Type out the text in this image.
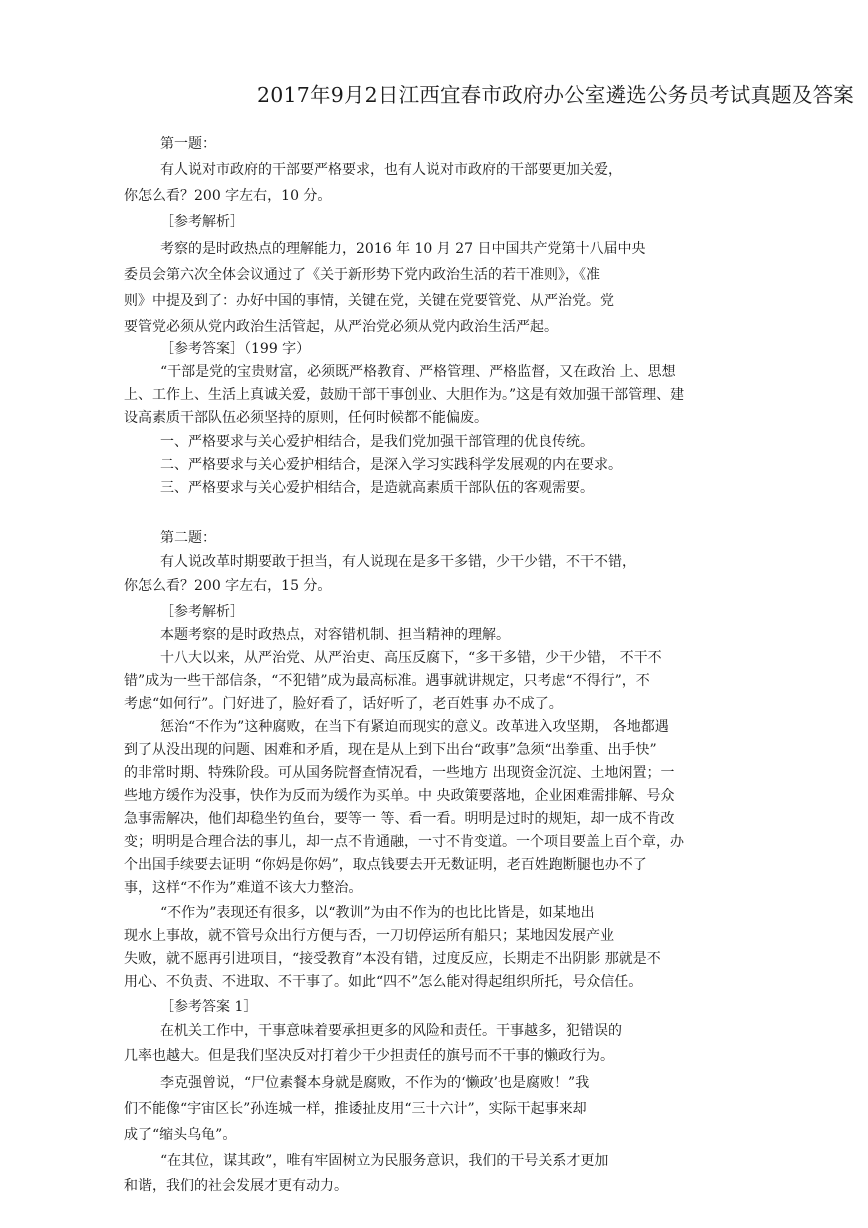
2017年9月2日江西宜春市政府办公室遴选公务员考试真题及答案
第一题：
有人说对市政府的干部要严格要求，也有人说对市政府的干部要更加关爱，
你怎么看？200 字左右，10 分。
［参考解析］
考察的是时政热点的理解能力，2016 年 10 月 27 日中国共产党第十八届中央
委员会第六次全体会议通过了《关于新形势下党内政治生活的若干准则》，《准
则》中提及到了：办好中国的事情，关键在党，关键在党要管党、从严治党。党
要管党必须从党内政治生活管起，从严治党必须从党内政治生活严起。
［参考答案］（199 字）
“干部是党的宝贵财富，必须既严格教育、严格管理、严格监督，又在政治 上、思想
上、工作上、生活上真诚关爱，鼓励干部干事创业、大胆作为。”这是有效加强干部管理、建
设高素质干部队伍必须坚持的原则，任何时候都不能偏废。
一、严格要求与关心爱护相结合，是我们党加强干部管理的优良传统。
二、严格要求与关心爱护相结合，是深入学习实践科学发展观的内在要求。
三、严格要求与关心爱护相结合，是造就高素质干部队伍的客观需要。
第二题：
有人说改革时期要敢于担当，有人说现在是多干多错，少干少错，不干不错，
你怎么看？200 字左右，15 分。
［参考解析］
本题考察的是时政热点，对容错机制、担当精神的理解。
十八大以来，从严治党、从严治吏、高压反腐下，“多干多错，少干少错， 不干不
错”成为一些干部信条，“不犯错”成为最高标准。遇事就讲规定，只考虑“不得行”，不
考虑“如何行”。门好进了，脸好看了，话好听了，老百姓事 办不成了。
惩治“不作为”这种腐败，在当下有紧迫而现实的意义。改革进入攻坚期， 各地都遇
到了从没出现的问题、困难和矛盾，现在是从上到下出台“政事”急须“出拳重、出手快”
的非常时期、特殊阶段。可从国务院督查情况看，一些地方 出现资金沉淀、土地闲置；一
些地方缓作为没事，快作为反而为缓作为买单。中 央政策要落地，企业困难需排解、号众
急事需解决，他们却稳坐钓鱼台，要等一 等、看一看。明明是过时的规矩，却一成不肯改
变；明明是合理合法的事儿，却一点不肯通融，一寸不肯变道。一个项目要盖上百个章，办
个出国手续要去证明 “你妈是你妈”，取点钱要去开无数证明，老百姓跑断腿也办不了
事，这样“不作为”难道不该大力整治。
“不作为”表现还有很多，以“教训”为由不作为的也比比皆是，如某地出
现水上事故，就不管号众出行方便与否，一刀切停运所有船只；某地因发展产业
失败，就不愿再引进项目，“接受教育”本没有错，过度反应，长期走不出阴影 那就是不
用心、不负责、不进取、不干事了。如此“四不”怎么能对得起组织所托，号众信任。
［参考答案 1］
在机关工作中，干事意味着要承担更多的风险和责任。干事越多，犯错误的
几率也越大。但是我们坚决反对打着少干少担责任的旗号而不干事的懒政行为。
李克强曾说，“尸位素餐本身就是腐败，不作为的‘懒政’也是腐败！”我
们不能像“宇宙区长”孙连城一样，推诿扯皮用“三十六计”，实际干起事来却
成了“缩头乌龟”。
“在其位，谋其政”，唯有牢固树立为民服务意识，我们的干号关系才更加
和谐，我们的社会发展才更有动力。
